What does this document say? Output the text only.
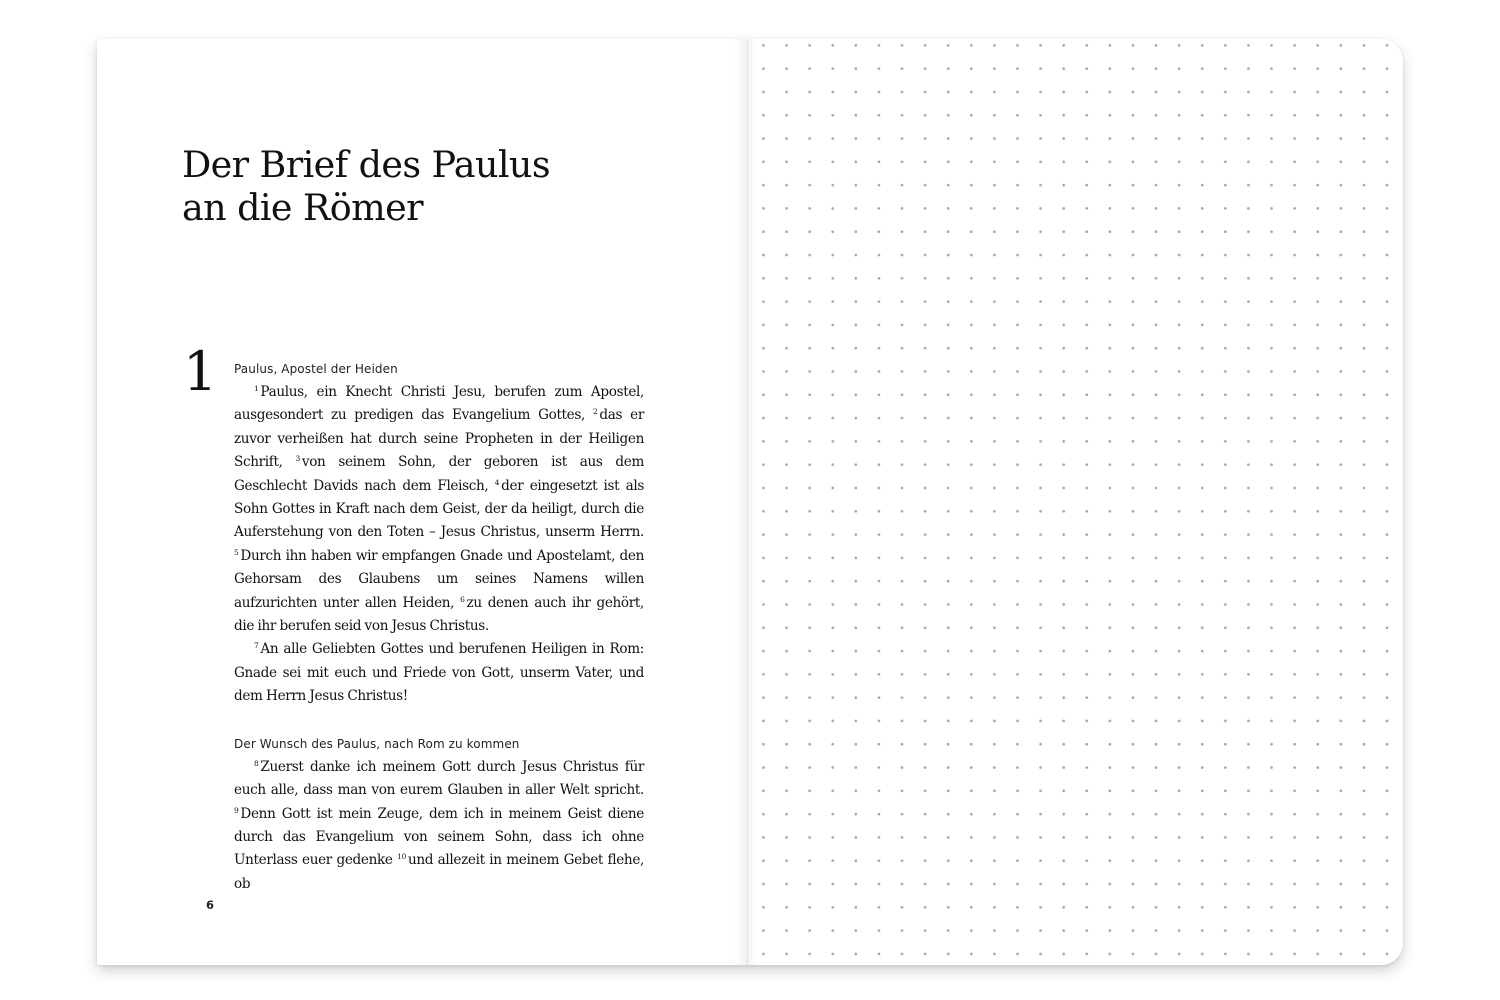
Der Brief des Paulus
an die Römer
1 Paulus, Apostel der Heiden

$^1$ Paulus, ein Knecht Christi Jesu, berufen zum Apostel, ausgesondert zu predigen das Evangelium Gottes, $^2$ das er zuvor verheißen hat durch seine Propheten in der Heiligen Schrift, $^3$ von seinem Sohn, der geboren ist aus dem Geschlecht Davids nach dem Fleisch, $^4$ der eingesetzt ist als Sohn Gottes in Kraft nach dem Geist, der da heiligt, durch die Auferstehung von den Toten – Jesus Christus, unserm Herrn. $^5$ Durch ihn haben wir empfangen Gnade und Apostelamt, den Gehorsam des Glaubens um seines Namens willen aufzurichten unter allen Heiden, $^6$ zu denen auch ihr gehört, die ihr berufen seid von Jesus Christus.

$^7$ An alle Geliebten Gottes und berufenen Heiligen in Rom: Gnade sei mit euch und Friede von Gott, unserm Vater, und dem Herrn Jesus Christus!

Der Wunsch des Paulus, nach Rom zu kommen

$^8$ Zuerst danke ich meinem Gott durch Jesus Christus für euch alle, dass man von eurem Glauben in aller Welt spricht. $^9$ Denn Gott ist mein Zeuge, dem ich in meinem Geist diene durch das Evangelium von seinem Sohn, dass ich ohne Unterlass euer gedenke $^{10}$ und allezeit in meinem Gebet flehe, ob

6
